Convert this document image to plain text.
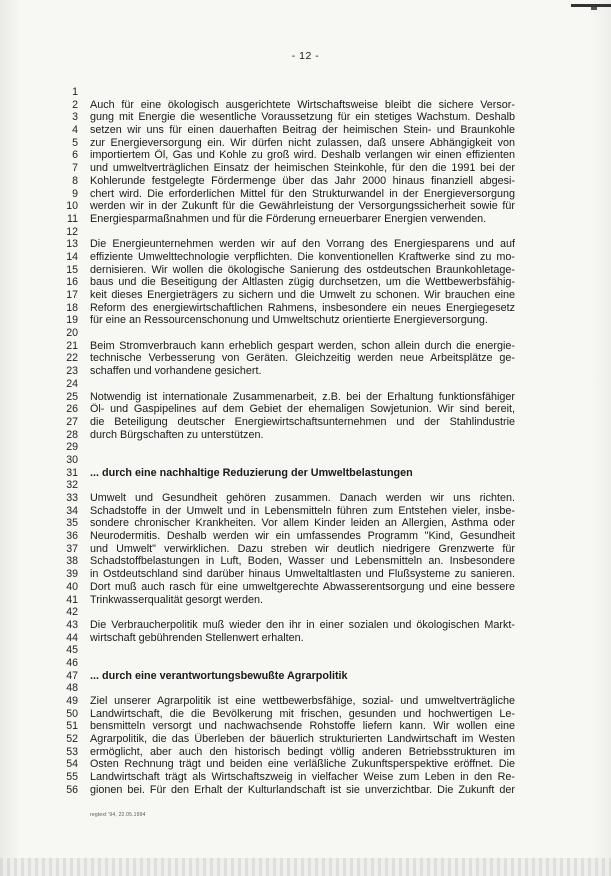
- 12 -
1
2 Auch für eine ökologisch ausgerichtete Wirtschaftsweise bleibt die sichere Versor-
3 gung mit Energie die wesentliche Voraussetzung für ein stetiges Wachstum. Deshalb
4 setzen wir uns für einen dauerhaften Beitrag der heimischen Stein- und Braunkohle
5 zur Energieversorgung ein. Wir dürfen nicht zulassen, daß unsere Abhängigkeit von
6 importiertem Öl, Gas und Kohle zu groß wird. Deshalb verlangen wir einen effizienten
7 und umweltverträglichen Einsatz der heimischen Steinkohle, für den die 1991 bei der
8 Kohlerunde festgelegte Fördermenge über das Jahr 2000 hinaus finanziell abgesi-
9 chert wird. Die erforderlichen Mittel für den Strukturwandel in der Energieversorgung
10 werden wir in der Zukunft für die Gewährleistung der Versorgungssicherheit sowie für
11 Energiesparmaßnahmen und für die Förderung erneuerbarer Energien verwenden.
12
13 Die Energieunternehmen werden wir auf den Vorrang des Energiesparens und auf
14 effiziente Umwelttechnologie verpflichten. Die konventionellen Kraftwerke sind zu mo-
15 dernisieren. Wir wollen die ökologische Sanierung des ostdeutschen Braunkohletage-
16 baus und die Beseitigung der Altlasten zügig durchsetzen, um die Wettbewerbsfähig-
17 keit dieses Energieträgers zu sichern und die Umwelt zu schonen. Wir brauchen eine
18 Reform des energiewirtschaftlichen Rahmens, insbesondere ein neues Energiegesetz
19 für eine an Ressourcenschonung und Umweltschutz orientierte Energieversorgung.
20
21 Beim Stromverbrauch kann erheblich gespart werden, schon allein durch die energie-
22 technische Verbesserung von Geräten. Gleichzeitig werden neue Arbeitsplätze ge-
23 schaffen und vorhandene gesichert.
24
25 Notwendig ist internationale Zusammenarbeit, z.B. bei der Erhaltung funktionsfähiger
26 Öl- und Gaspipelines auf dem Gebiet der ehemaligen Sowjetunion. Wir sind bereit,
27 die Beteiligung deutscher Energiewirtschaftsunternehmen und der Stahlindustrie
28 durch Bürgschaften zu unterstützen.
29
30
31 ... durch eine nachhaltige Reduzierung der Umweltbelastungen
32
33 Umwelt und Gesundheit gehören zusammen. Danach werden wir uns richten.
34 Schadstoffe in der Umwelt und in Lebensmitteln führen zum Entstehen vieler, insbe-
35 sondere chronischer Krankheiten. Vor allem Kinder leiden an Allergien, Asthma oder
36 Neurodermitis. Deshalb werden wir ein umfassendes Programm "Kind, Gesundheit
37 und Umwelt" verwirklichen. Dazu streben wir deutlich niedrigere Grenzwerte für
38 Schadstoffbelastungen in Luft, Boden, Wasser und Lebensmitteln an. Insbesondere
39 in Ostdeutschland sind darüber hinaus Umweltaltlasten und Flußsysteme zu sanieren.
40 Dort muß auch rasch für eine umweltgerechte Abwasserentsorgung und eine bessere
41 Trinkwasserqualität gesorgt werden.
42
43 Die Verbraucherpolitik muß wieder den ihr in einer sozialen und ökologischen Markt-
44 wirtschaft gebührenden Stellenwert erhalten.
45
46
47 ... durch eine verantwortungsbewußte Agrarpolitik
48
49 Ziel unserer Agrarpolitik ist eine wettbewerbsfähige, sozial- und umweltverträgliche
50 Landwirtschaft, die die Bevölkerung mit frischen, gesunden und hochwertigen Le-
51 bensmitteln versorgt und nachwachsende Rohstoffe liefern kann. Wir wollen eine
52 Agrarpolitik, die das Überleben der bäuerlich strukturierten Landwirtschaft im Westen
53 ermöglicht, aber auch den historisch bedingt völlig anderen Betriebsstrukturen im
54 Osten Rechnung trägt und beiden eine verläßliche Zukunftsperspektive eröffnet. Die
55 Landwirtschaft trägt als Wirtschaftszweig in vielfacher Weise zum Leben in den Re-
56 gionen bei. Für den Erhalt der Kulturlandschaft ist sie unverzichtbar. Die Zukunft der
regtext '94, 22.05.1994
